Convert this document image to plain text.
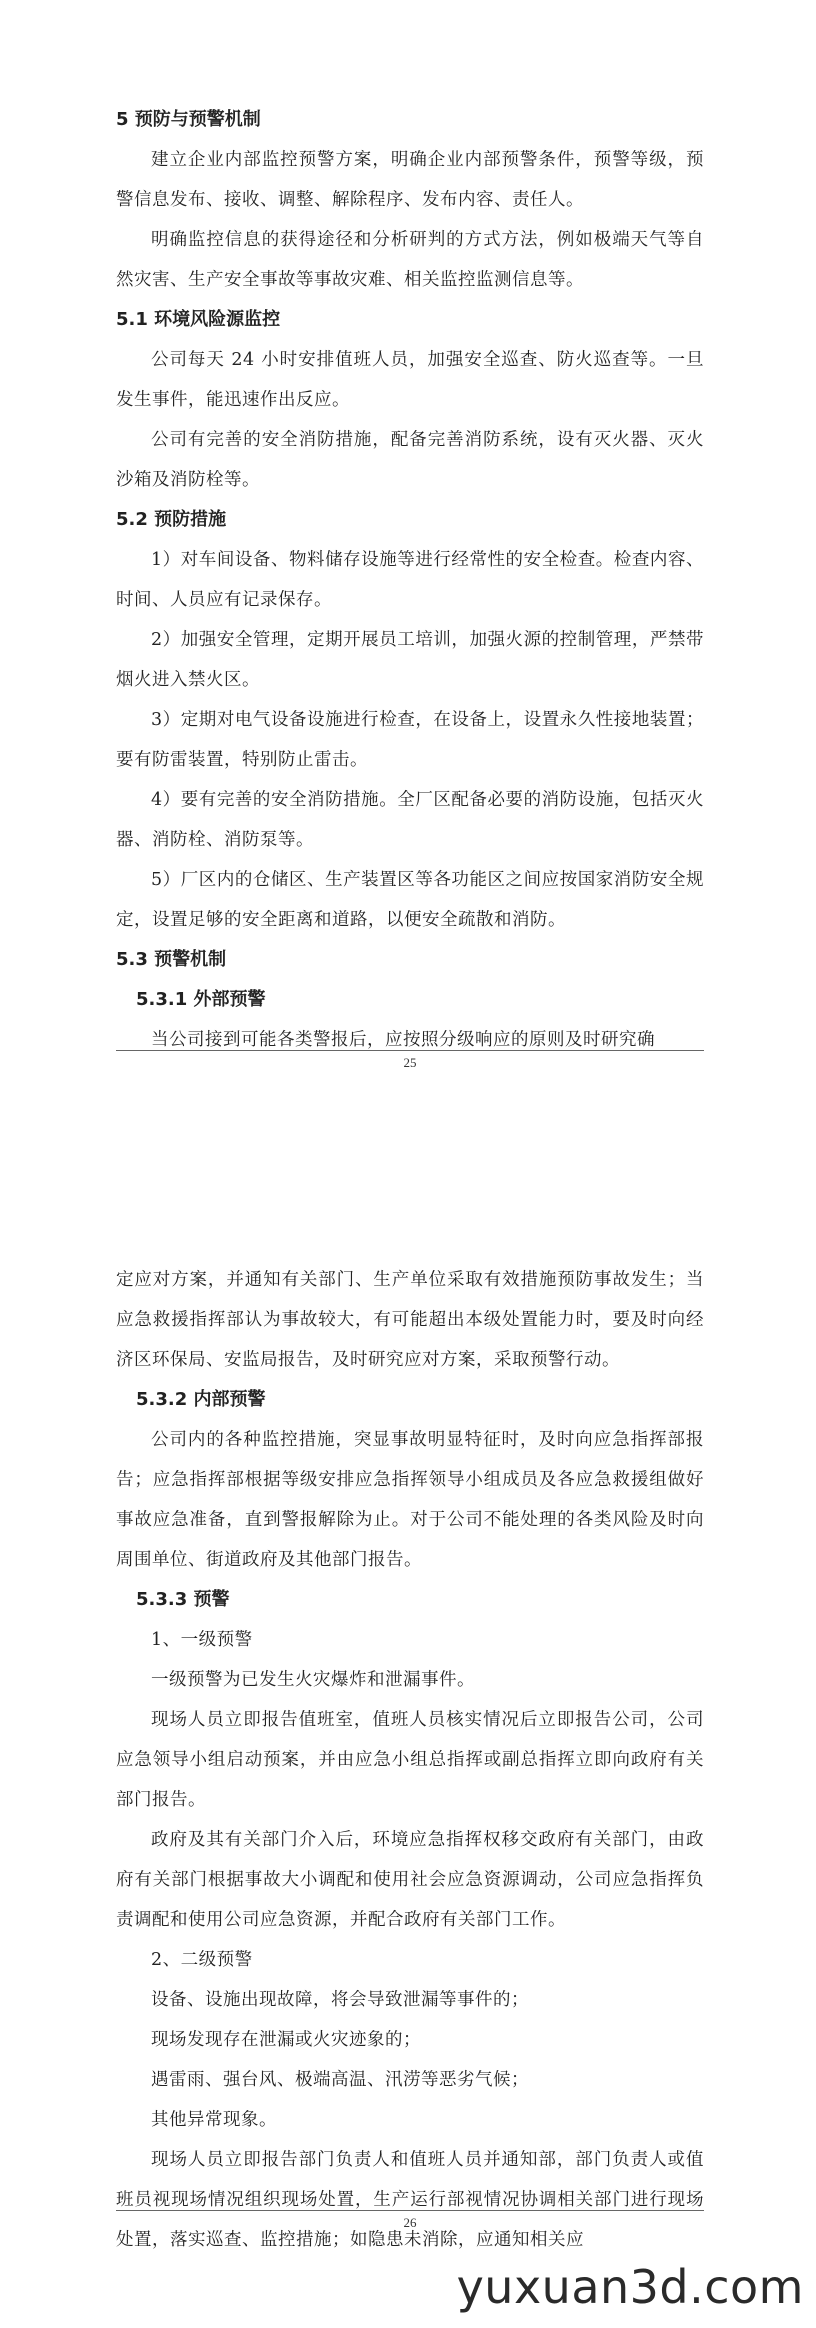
5 预防与预警机制

建立企业内部监控预警方案，明确企业内部预警条件，预警等级，预警信息发布、接收、调整、解除程序、发布内容、责任人。

明确监控信息的获得途径和分析研判的方式方法，例如极端天气等自然灾害、生产安全事故等事故灾难、相关监控监测信息等。

5.1 环境风险源监控

公司每天 24 小时安排值班人员，加强安全巡查、防火巡查等。一旦发生事件，能迅速作出反应。

公司有完善的安全消防措施，配备完善消防系统，设有灭火器、灭火沙箱及消防栓等。

5.2 预防措施

1）对车间设备、物料储存设施等进行经常性的安全检查。检查内容、时间、人员应有记录保存。

2）加强安全管理，定期开展员工培训，加强火源的控制管理，严禁带烟火进入禁火区。

3）定期对电气设备设施进行检查，在设备上，设置永久性接地装置； 要有防雷装置，特别防止雷击。

4）要有完善的安全消防措施。全厂区配备必要的消防设施，包括灭火器、消防栓、消防泵等。

5）厂区内的仓储区、生产装置区等各功能区之间应按国家消防安全规定，设置足够的安全距离和道路，以便安全疏散和消防。

5.3 预警机制
5.3.1 外部预警

当公司接到可能各类警报后，应按照分级响应的原则及时研究确

25

定应对方案，并通知有关部门、生产单位采取有效措施预防事故发生；当应急救援指挥部认为事故较大，有可能超出本级处置能力时，要及时向经济区环保局、安监局报告，及时研究应对方案，采取预警行动。

5.3.2 内部预警

公司内的各种监控措施，突显事故明显特征时，及时向应急指挥部报告；应急指挥部根据等级安排应急指挥领导小组成员及各应急救援组做好事故应急准备，直到警报解除为止。对于公司不能处理的各类风险及时向周围单位、街道政府及其他部门报告。

5.3.3 预警

1、一级预警

一级预警为已发生火灾爆炸和泄漏事件。

现场人员立即报告值班室，值班人员核实情况后立即报告公司，公司应急领导小组启动预案，并由应急小组总指挥或副总指挥立即向政府有关部门报告。

政府及其有关部门介入后，环境应急指挥权移交政府有关部门，由政府有关部门根据事故大小调配和使用社会应急资源调动，公司应急指挥负责调配和使用公司应急资源，并配合政府有关部门工作。

2、二级预警

设备、设施出现故障，将会导致泄漏等事件的；

现场发现存在泄漏或火灾迹象的；

遇雷雨、强台风、极端高温、汛涝等恶劣气候；

其他异常现象。

现场人员立即报告部门负责人和值班人员并通知部，部门负责人或值班员视现场情况组织现场处置，生产运行部视情况协调相关部门进行现场处置，落实巡查、监控措施；如隐患未消除，应通知相关应

26
yuxuan3d.com
